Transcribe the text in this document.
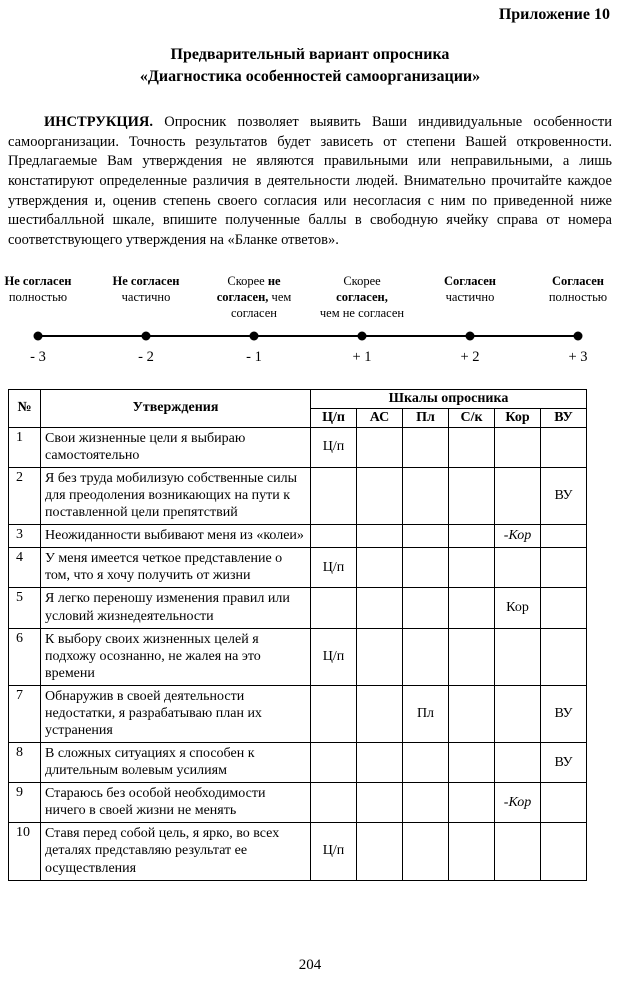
Приложение 10
Предварительный вариант опросника
«Диагностика особенностей самоорганизации»

ИНСТРУКЦИЯ. Опросник позволяет выявить Ваши индивидуальные особенности самоорганизации. Точность результатов будет зависеть от степени Вашей откровенности. Предлагаемые Вам утверждения не являются правильными или неправильными, а лишь констатируют определенные различия в деятельности людей. Внимательно прочитайте каждое утверждения и, оценив степень своего согласия или несогласия с ним по приведенной ниже шестибалльной шкале, впишите полученные баллы в свободную ячейку справа от номера соответствующего утверждения на «Бланке ответов».

Не согласен
полностью
Не согласен
частично
Скорее не
согласен, чем
согласен
Скорее
согласен,
чем не согласен
Согласен
частично
Согласен
полностью
- 3	- 2	- 1	+ 1	+ 2	+ 3
№	Утверждения	Шкалы опросника					
		Ц/п	АС	Пл	С/к	Кор	ВУ
1	Свои жизненные цели я выбираю самостоятельно	Ц/п					
2	Я без труда мобилизую собственные силы для преодоления возникающих на пути к поставленной цели препятствий						ВУ
3	Неожиданности выбивают меня из «колеи»					-Кор	
4	У меня имеется четкое представление о том, что я хочу получить от жизни	Ц/п					
5	Я легко переношу изменения правил или условий жизнедеятельности					Кор	
6	К выбору своих жизненных целей я подхожу осознанно, не жалея на это времени	Ц/п					
7	Обнаружив в своей деятельности недостатки, я разрабатываю план их устранения			Пл			ВУ
8	В сложных ситуациях я способен к длительным волевым усилиям						ВУ
9	Стараюсь без особой необходимости ничего в своей жизни не менять					-Кор	
10	Ставя перед собой цель, я ярко, во всех деталях представляю результат ее осуществления	Ц/п					
204
